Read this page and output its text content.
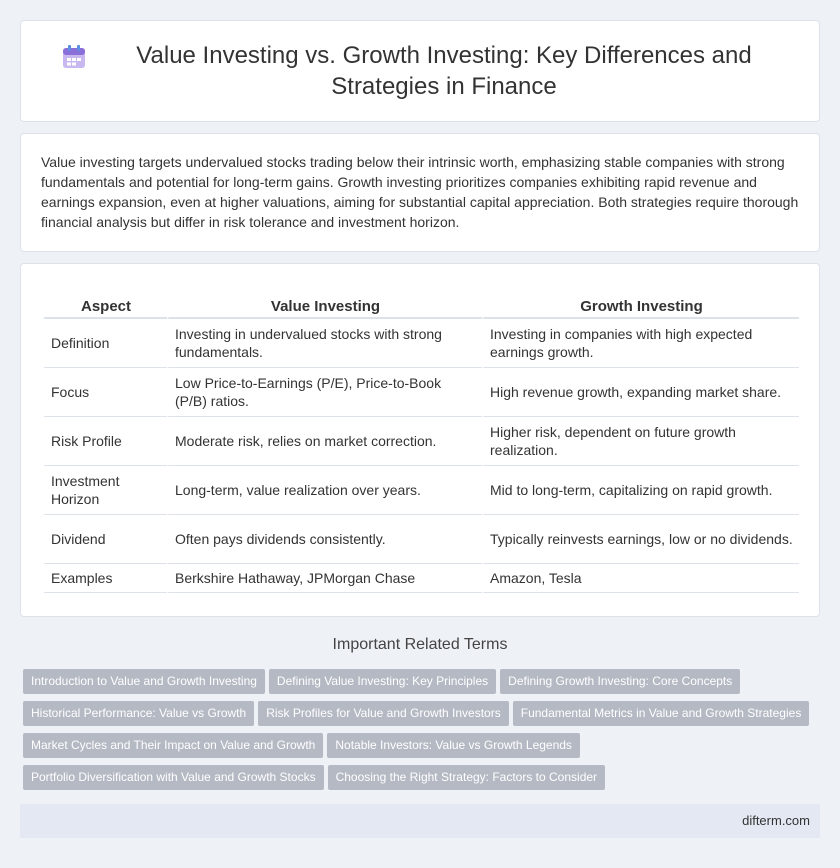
Value Investing vs. Growth Investing: Key Differences and Strategies in Finance

Value investing targets undervalued stocks trading below their intrinsic worth, emphasizing stable companies with strong fundamentals and potential for long-term gains. Growth investing prioritizes companies exhibiting rapid revenue and earnings expansion, even at higher valuations, aiming for substantial capital appreciation. Both strategies require thorough financial analysis but differ in risk tolerance and investment horizon.

Aspect	Value Investing	Growth Investing
Definition	Investing in undervalued stocks with strong fundamentals.	Investing in companies with high expected earnings growth.
Focus	Low Price-to-Earnings (P/E), Price-to-Book (P/B) ratios.	High revenue growth, expanding market share.
Risk Profile	Moderate risk, relies on market correction.	Higher risk, dependent on future growth realization.
Investment Horizon	Long-term, value realization over years.	Mid to long-term, capitalizing on rapid growth.
Dividend	Often pays dividends consistently.	Typically reinvests earnings, low or no dividends.
Examples	Berkshire Hathaway, JPMorgan Chase	Amazon, Tesla
Important Related Terms
Introduction to Value and Growth Investing Defining Value Investing: Key Principles Defining Growth Investing: Core Concepts
Historical Performance: Value vs Growth Risk Profiles for Value and Growth Investors Fundamental Metrics in Value and Growth Strategies
Market Cycles and Their Impact on Value and Growth Notable Investors: Value vs Growth Legends
Portfolio Diversification with Value and Growth Stocks Choosing the Right Strategy: Factors to Consider
difterm.com
